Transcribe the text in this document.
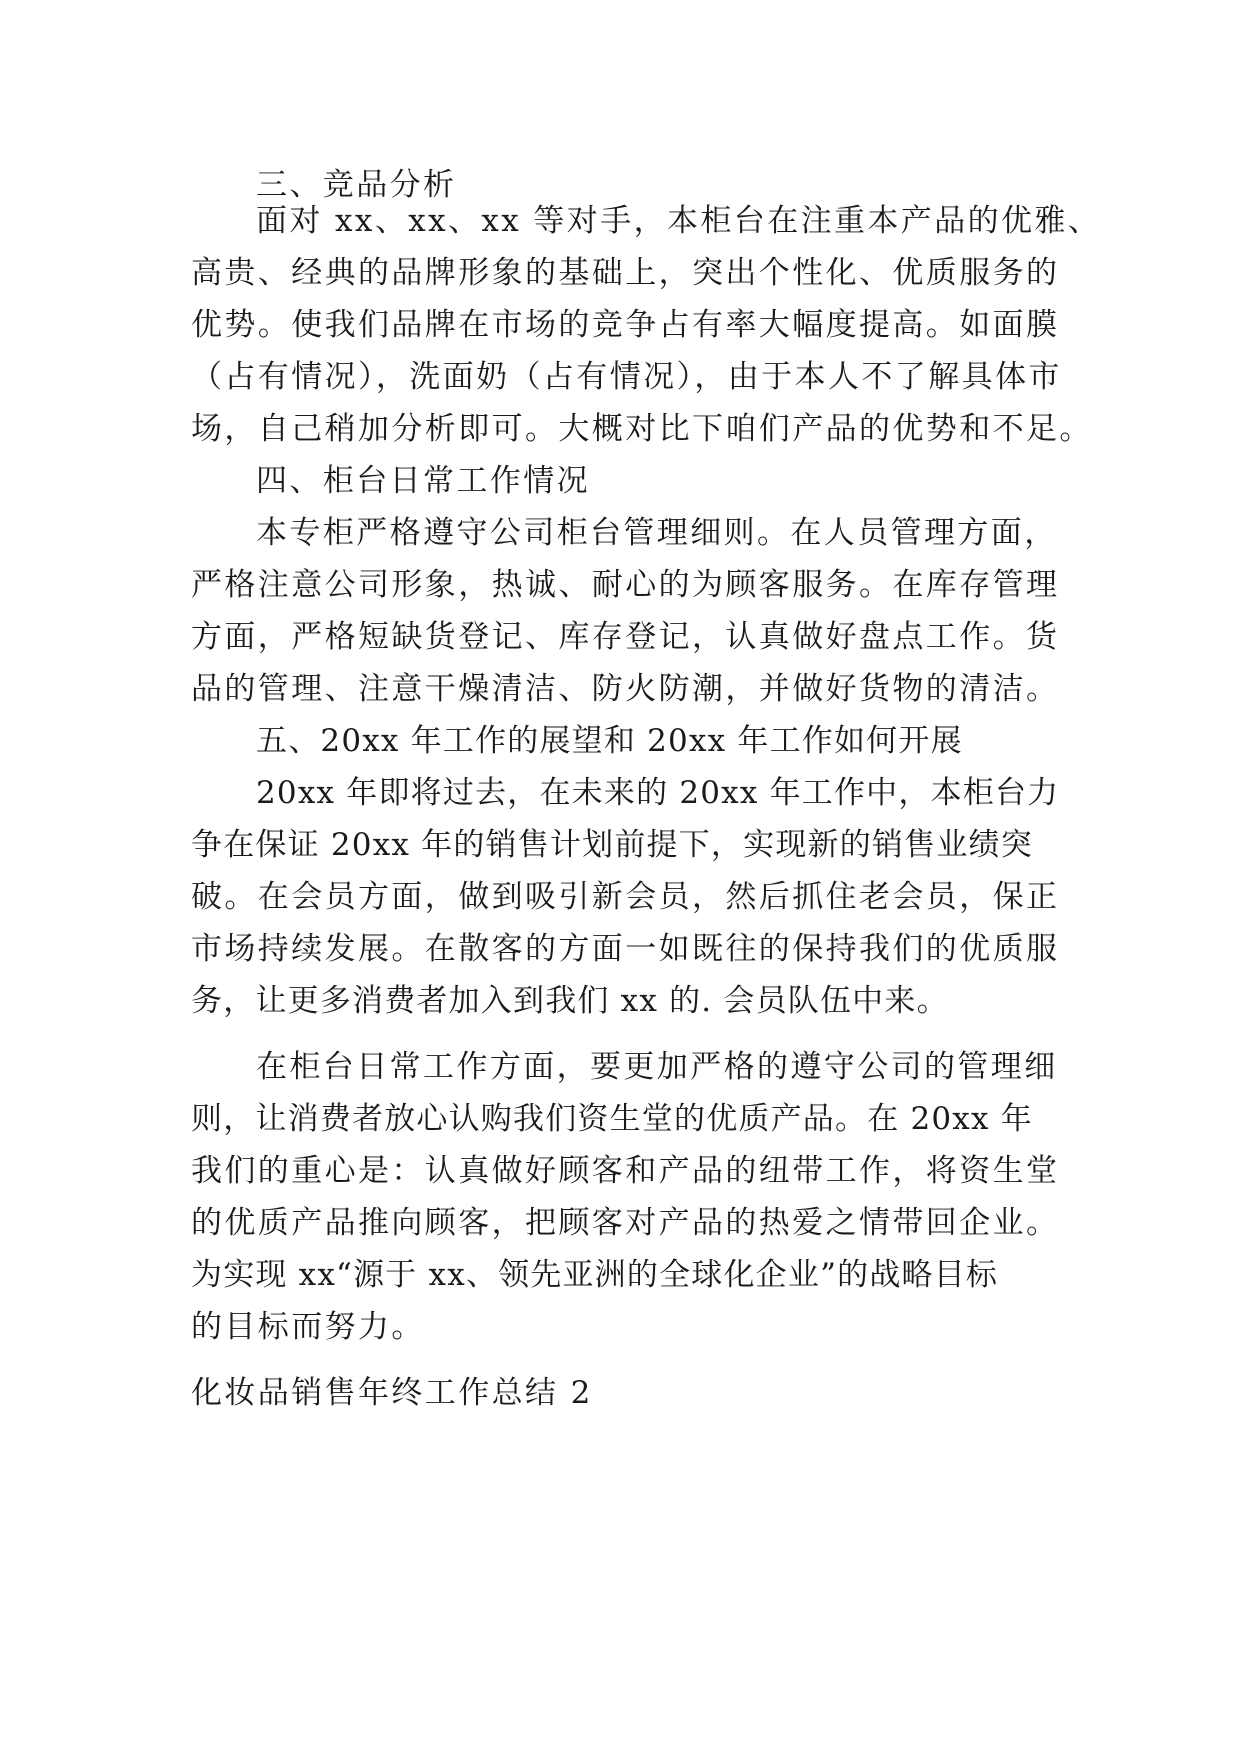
三、竞品分析
面对 xx、xx、xx 等对手，本柜台在注重本产品的优雅、
高贵、经典的品牌形象的基础上，突出个性化、优质服务的
优势。使我们品牌在市场的竞争占有率大幅度提高。如面膜
（占有情况），洗面奶（占有情况），由于本人不了解具体市
场，自己稍加分析即可。大概对比下咱们产品的优势和不足。
四、柜台日常工作情况
本专柜严格遵守公司柜台管理细则。在人员管理方面，
严格注意公司形象，热诚、耐心的为顾客服务。在库存管理
方面，严格短缺货登记、库存登记，认真做好盘点工作。货
品的管理、注意干燥清洁、防火防潮，并做好货物的清洁。
五、20xx 年工作的展望和 20xx 年工作如何开展
20xx 年即将过去，在未来的 20xx 年工作中，本柜台力
争在保证 20xx 年的销售计划前提下，实现新的销售业绩突
破。在会员方面，做到吸引新会员，然后抓住老会员，保正
市场持续发展。在散客的方面一如既往的保持我们的优质服
务，让更多消费者加入到我们 xx 的. 会员队伍中来。
在柜台日常工作方面，要更加严格的遵守公司的管理细
则，让消费者放心认购我们资生堂的优质产品。在 20xx 年
我们的重心是：认真做好顾客和产品的纽带工作，将资生堂
的优质产品推向顾客，把顾客对产品的热爱之情带回企业。
为实现 xx“源于 xx、领先亚洲的全球化企业”的战略目标
的目标而努力。
化妆品销售年终工作总结 2
